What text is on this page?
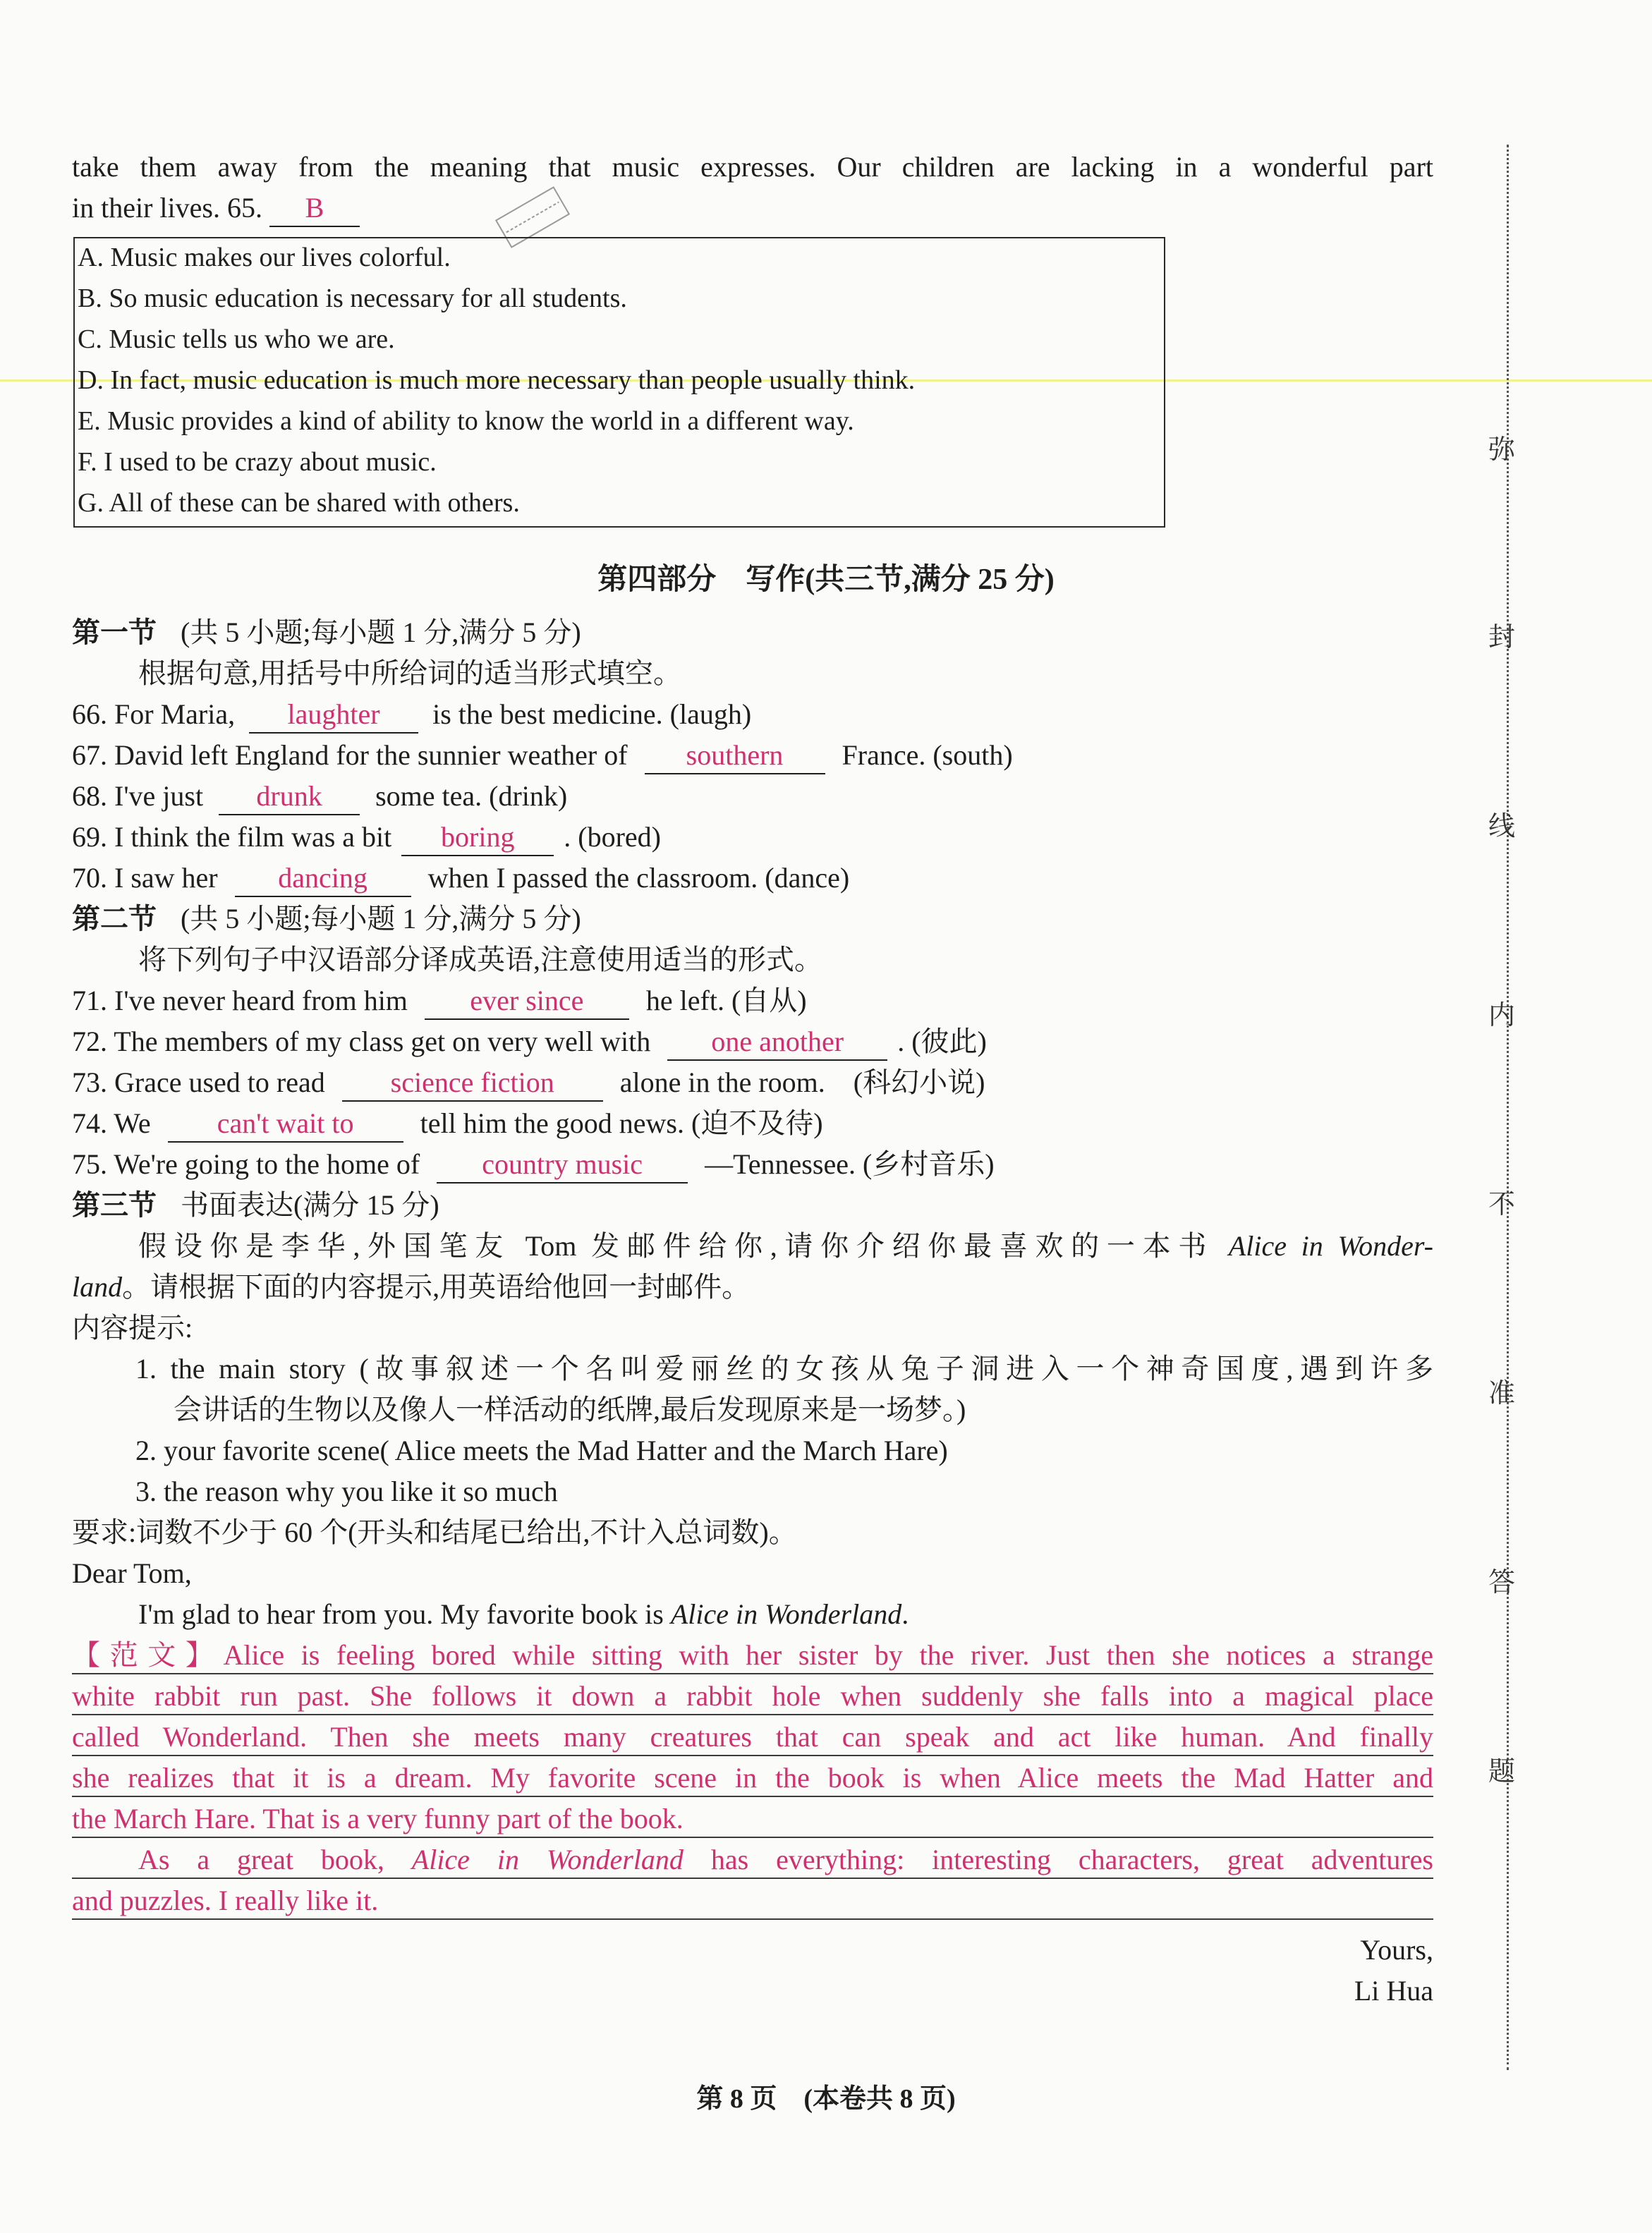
take them away from the meaning that music expresses. Our children are lacking in a wonderful part
in their lives. 65. B
A. Music makes our lives colorful.
B. So music education is necessary for all students.
C. Music tells us who we are.
D. In fact, music education is much more necessary than people usually think.
E. Music provides a kind of ability to know the world in a different way.
F. I used to be crazy about music.
G. All of these can be shared with others.
第四部分　写作(共三节,满分 25 分)
第一节 (共 5 小题;每小题 1 分,满分 5 分)
根据句意,用括号中所给词的适当形式填空。
66. For Maria, laughter is the best medicine. (laugh)
67. David left England for the sunnier weather of southern France. (south)
68. I've just drunk some tea. (drink)
69. I think the film was a bit boring . (bored)
70. I saw her dancing when I passed the classroom. (dance)
第二节 (共 5 小题;每小题 1 分,满分 5 分)
将下列句子中汉语部分译成英语,注意使用适当的形式。
71. I've never heard from him ever since he left. (自从)
72. The members of my class get on very well with one another . (彼此)
73. Grace used to read science fiction alone in the room.　(科幻小说)
74. We can't wait to tell him the good news. (迫不及待)
75. We're going to the home of country music —Tennessee. (乡村音乐)
第三节 书面表达(满分 15 分)
假设你是李华,外国笔友 Tom 发邮件给你,请你介绍你最喜欢的一本书 Alice in Wonder-
land。请根据下面的内容提示,用英语给他回一封邮件。
内容提示:
1. the main story (故事叙述一个名叫爱丽丝的女孩从兔子洞进入一个神奇国度,遇到许多
会讲话的生物以及像人一样活动的纸牌,最后发现原来是一场梦。)
2. your favorite scene( Alice meets the Mad Hatter and the March Hare)
3. the reason why you like it so much
要求:词数不少于 60 个(开头和结尾已给出,不计入总词数)。
Dear Tom,
I'm glad to hear from you. My favorite book is Alice in Wonderland.
【范文】Alice is feeling bored while sitting with her sister by the river. Just then she notices a strange
white rabbit run past. She follows it down a rabbit hole when suddenly she falls into a magical place
called Wonderland. Then she meets many creatures that can speak and act like human. And finally
she realizes that it is a dream. My favorite scene in the book is when Alice meets the Mad Hatter and
the March Hare. That is a very funny part of the book.
As a great book, Alice in Wonderland has everything: interesting characters, great adventures
and puzzles. I really like it.
Yours,
Li Hua
弥
封
线
内
不
准
答
题
第 8 页　(本卷共 8 页)
